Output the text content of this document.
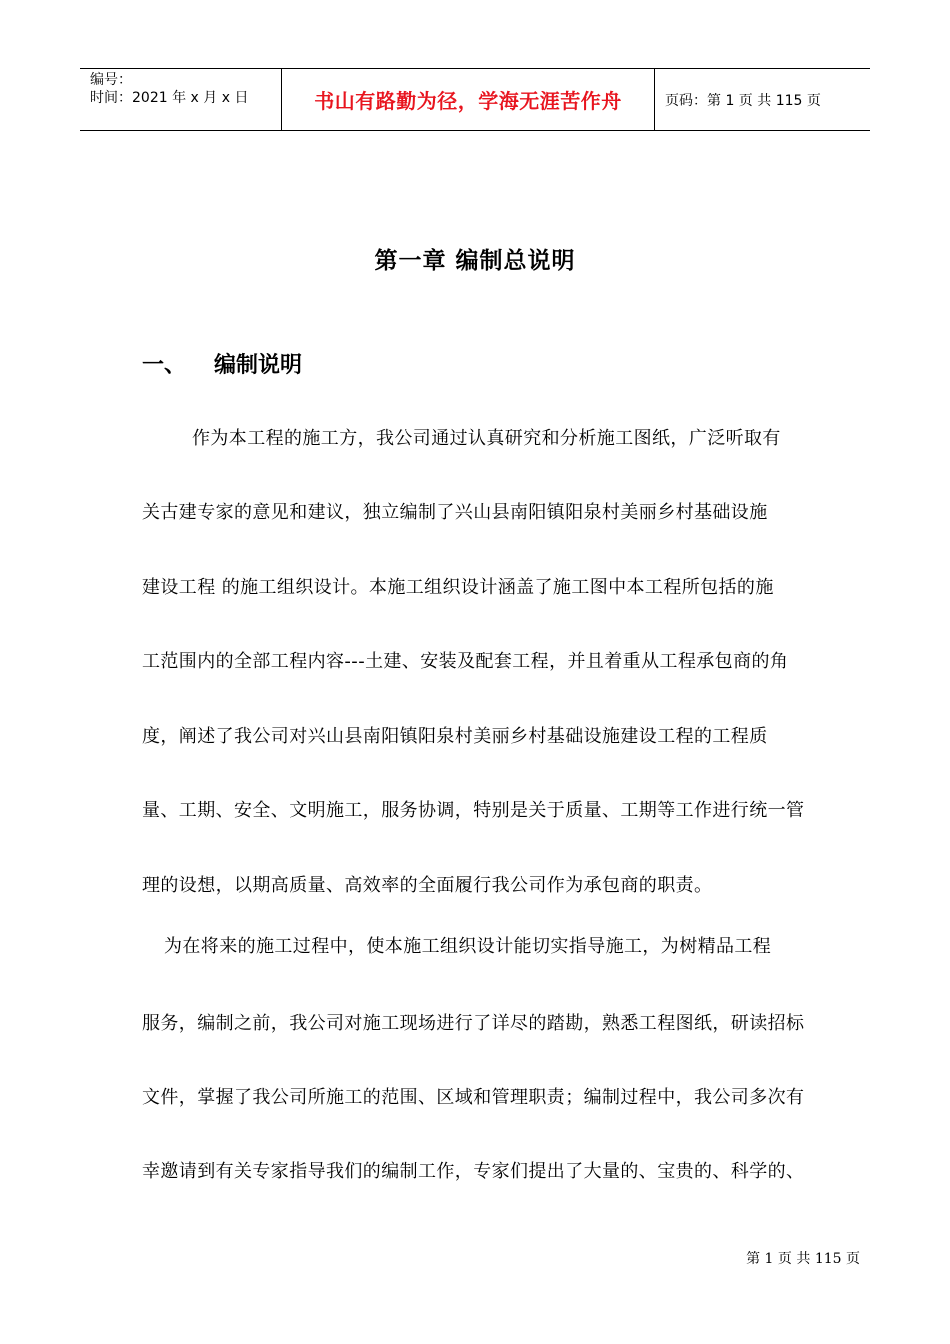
编号：
时间：2021 年 x 月 x 日	书山有路勤为径，学海无涯苦作舟	页码：第 1 页 共 115 页
第一章 编制总说明
一、 编制说明
作为本工程的施工方，我公司通过认真研究和分析施工图纸，广泛听取有
关古建专家的意见和建议，独立编制了兴山县南阳镇阳泉村美丽乡村基础设施
建设工程 的施工组织设计。本施工组织设计涵盖了施工图中本工程所包括的施
工范围内的全部工程内容---土建、安装及配套工程，并且着重从工程承包商的角
度，阐述了我公司对兴山县南阳镇阳泉村美丽乡村基础设施建设工程的工程质
量、工期、安全、文明施工，服务协调，特别是关于质量、工期等工作进行统一管
理的设想，以期高质量、高效率的全面履行我公司作为承包商的职责。
为在将来的施工过程中，使本施工组织设计能切实指导施工，为树精品工程
服务，编制之前，我公司对施工现场进行了详尽的踏勘，熟悉工程图纸，研读招标
文件，掌握了我公司所施工的范围、区域和管理职责；编制过程中，我公司多次有
幸邀请到有关专家指导我们的编制工作，专家们提出了大量的、宝贵的、科学的、
第 1 页 共 115 页
